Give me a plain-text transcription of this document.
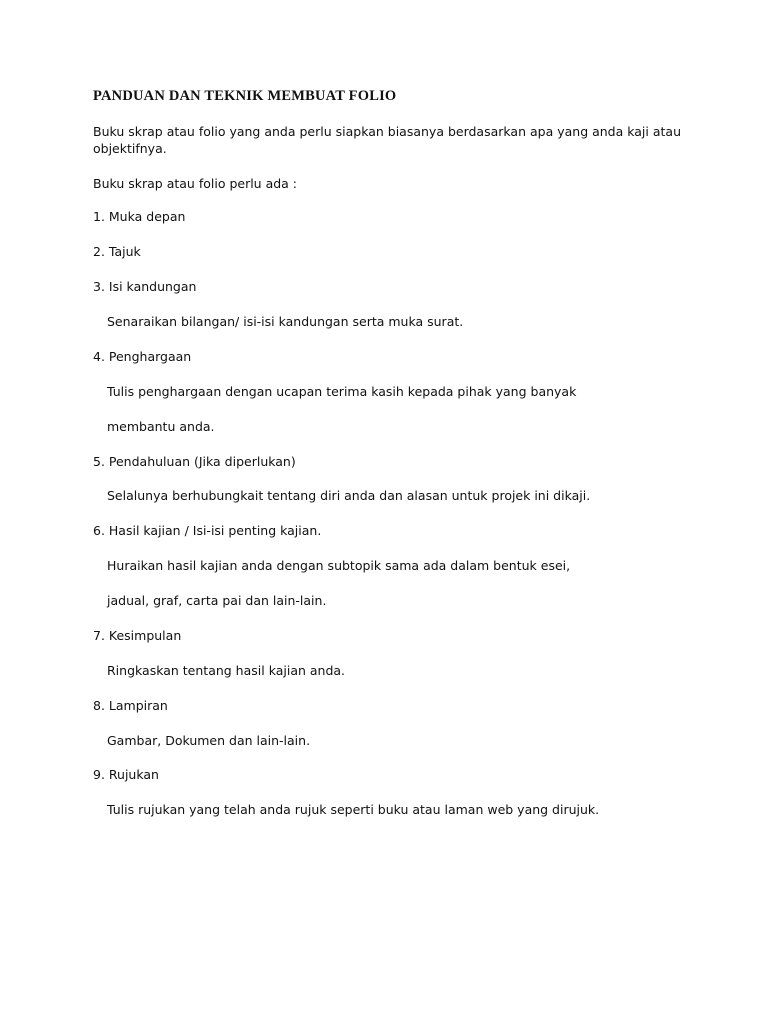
PANDUAN DAN TEKNIK MEMBUAT FOLIO
Buku skrap atau folio yang anda perlu siapkan biasanya berdasarkan apa yang anda kaji atau
objektifnya.
Buku skrap atau folio perlu ada :
1. Muka depan
2. Tajuk
3. Isi kandungan
Senaraikan bilangan/ isi-isi kandungan serta muka surat.
4. Penghargaan
Tulis penghargaan dengan ucapan terima kasih kepada pihak yang banyak
membantu anda.
5. Pendahuluan (Jika diperlukan)
Selalunya berhubungkait tentang diri anda dan alasan untuk projek ini dikaji.
6. Hasil kajian / Isi-isi penting kajian.
Huraikan hasil kajian anda dengan subtopik sama ada dalam bentuk esei,
jadual, graf, carta pai dan lain-lain.
7. Kesimpulan
Ringkaskan tentang hasil kajian anda.
8. Lampiran
Gambar, Dokumen dan lain-lain.
9. Rujukan
Tulis rujukan yang telah anda rujuk seperti buku atau laman web yang dirujuk.
